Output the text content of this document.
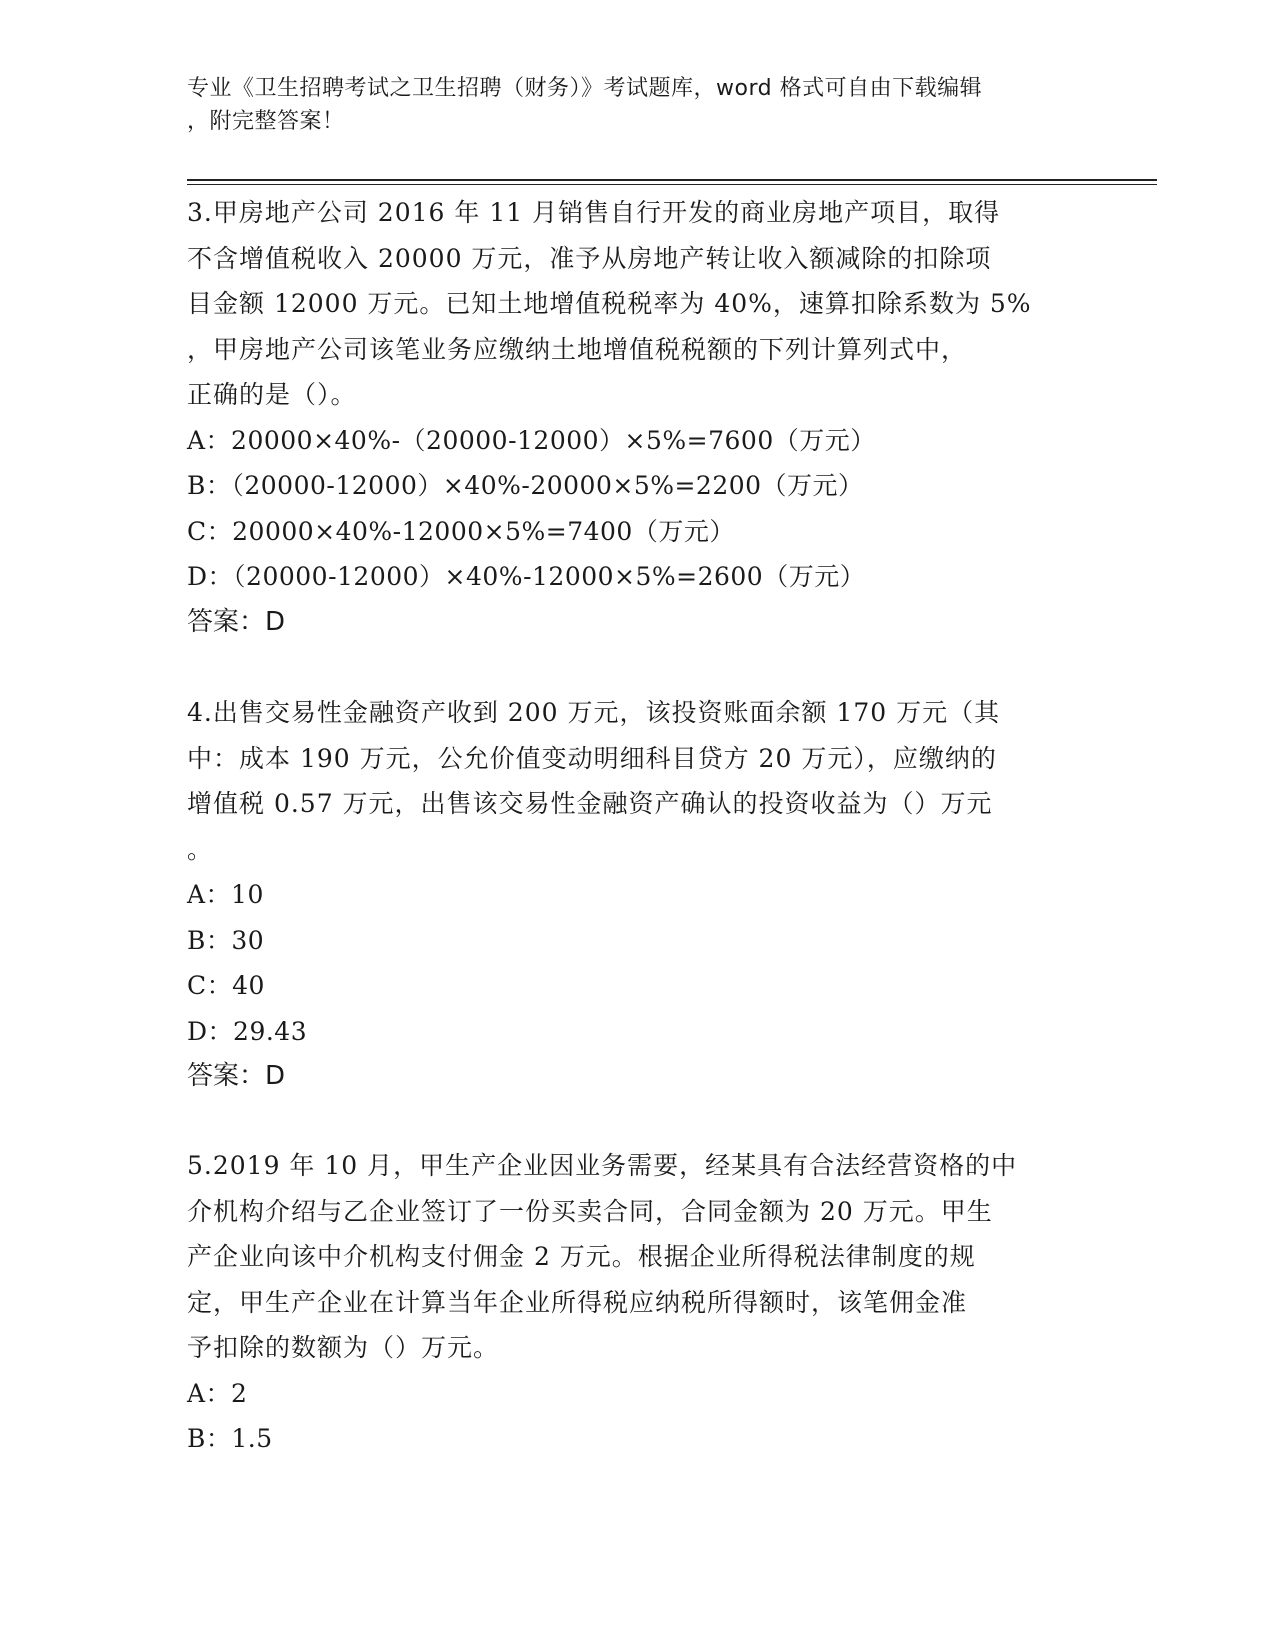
专业《卫生招聘考试之卫生招聘（财务）》考试题库，word 格式可自由下载编辑
，附完整答案！

3.甲房地产公司 2016 年 11 月销售自行开发的商业房地产项目，取得

不含增值税收入 20000 万元，准予从房地产转让收入额减除的扣除项

目金额 12000 万元。已知土地增值税税率为 40%，速算扣除系数为 5%

，甲房地产公司该笔业务应缴纳土地增值税税额的下列计算列式中，

正确的是（）。

A：20000×40%-（20000-12000）×5%=7600（万元）

B：（20000-12000）×40%-20000×5%=2200（万元）

C：20000×40%-12000×5%=7400（万元）

D：（20000-12000）×40%-12000×5%=2600（万元）

答案：D

4.出售交易性金融资产收到 200 万元，该投资账面余额 170 万元（其

中：成本 190 万元，公允价值变动明细科目贷方 20 万元），应缴纳的

增值税 0.57 万元，出售该交易性金融资产确认的投资收益为（）万元

。

A：10

B：30

C：40

D：29.43

答案：D

5.2019 年 10 月，甲生产企业因业务需要，经某具有合法经营资格的中

介机构介绍与乙企业签订了一份买卖合同，合同金额为 20 万元。甲生

产企业向该中介机构支付佣金 2 万元。根据企业所得税法律制度的规

定，甲生产企业在计算当年企业所得税应纳税所得额时，该笔佣金准

予扣除的数额为（）万元。

A：2

B：1.5
